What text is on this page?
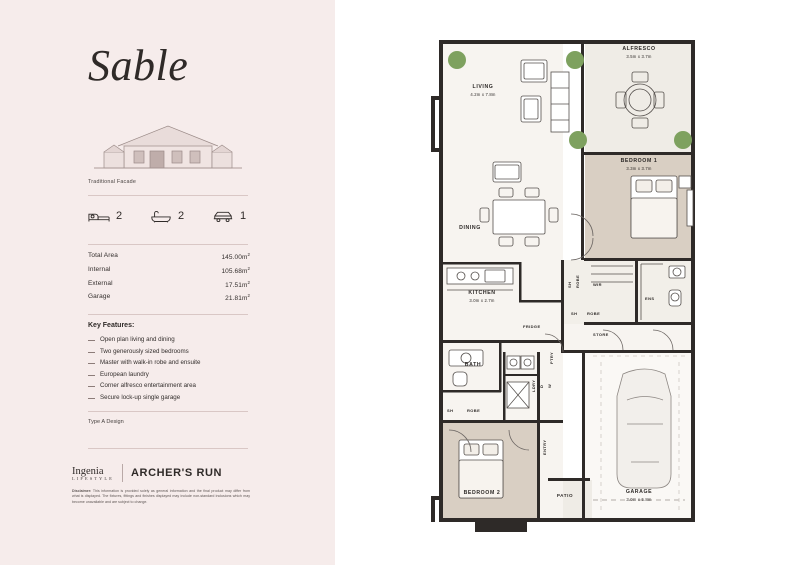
Sable
Traditional Facade
2	2	1
Total Area	$145.00m^2$
Internal	$105.68m^2$
External	$17.51m^2$
Garage	$21.81m^2$
Key Features:
Open plan living and dining
Two generously sized bedrooms
Master with walk-in robe and ensuite
European laundry
Corner alfresco entertainment area
Secure lock-up single garage
Type A Design
Ingenia
LIFESTYLE ARCHER'S RUN
Disclaimer: This information is provided solely as general information and the final product may differ from what is displayed. The fixtures, fittings and finishes displayed may include non-standard inclusions which may become unavailable and are subject to change.
ALFRESCO
3.5m x 3.7m
LIVING
4.2m x 7.8m
BEDROOM 1
3.3m x 3.7m
DINING
KITCHEN
3.0m x 2.7m
BATH
BEDROOM 2	GARAGE
3.0m x 5.8m
PATIO
WIR
ENS
ROBE
SH
ROBE
SH
STORE
FRIDGE
PTRY
LDRY	W
D
ENTRY
SH	ROBE
